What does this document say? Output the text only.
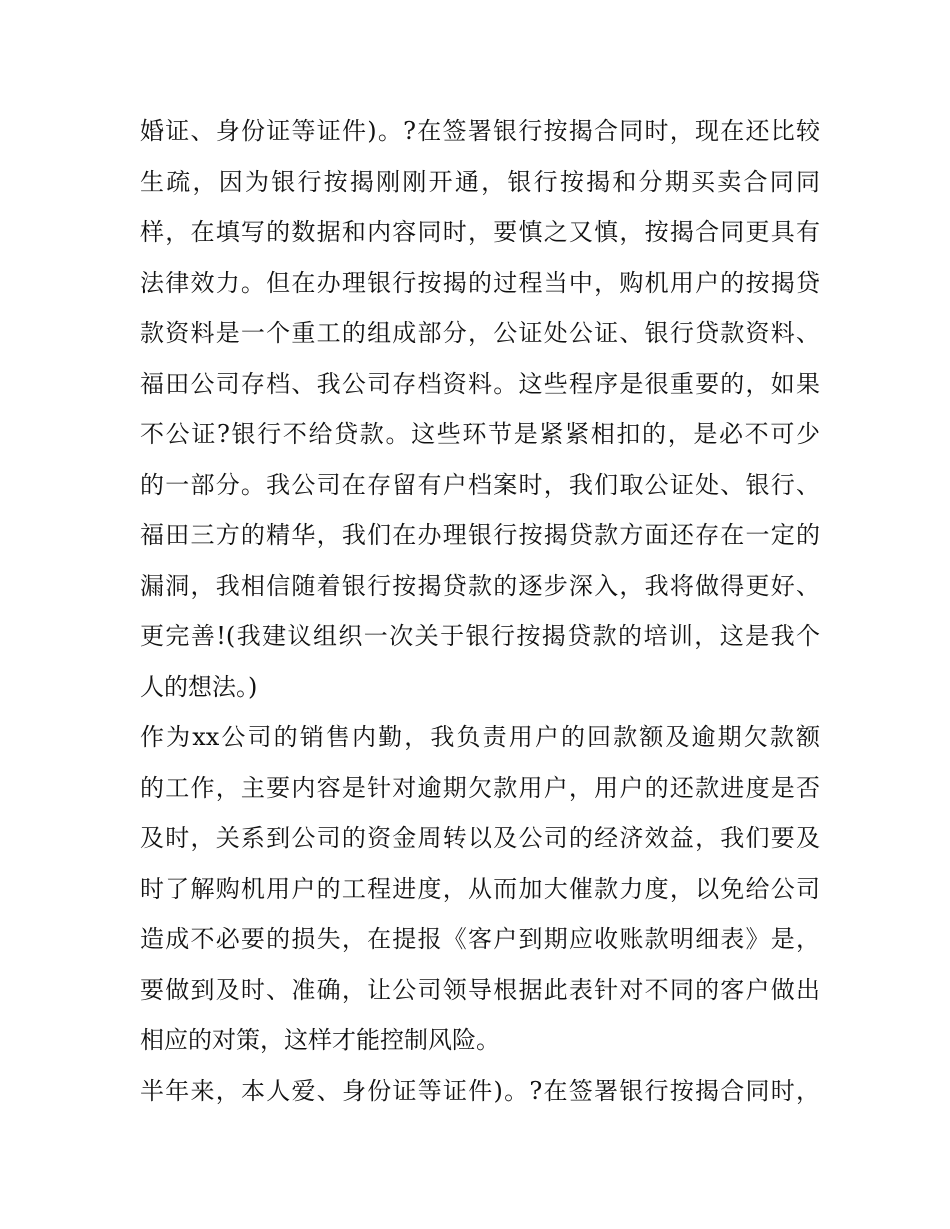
婚证、身份证等证件)。?在签署银行按揭合同时，现在还比较
生疏，因为银行按揭刚刚开通，银行按揭和分期买卖合同同
样，在填写的数据和内容同时，要慎之又慎，按揭合同更具有
法律效力。但在办理银行按揭的过程当中，购机用户的按揭贷
款资料是一个重工的组成部分，公证处公证、银行贷款资料、
福田公司存档、我公司存档资料。这些程序是很重要的，如果
不公证?银行不给贷款。这些环节是紧紧相扣的，是必不可少
的一部分。我公司在存留有户档案时，我们取公证处、银行、
福田三方的精华，我们在办理银行按揭贷款方面还存在一定的
漏洞，我相信随着银行按揭贷款的逐步深入，我将做得更好、
更完善!(我建议组织一次关于银行按揭贷款的培训，这是我个
人的想法。)
作为xx公司的销售内勤，我负责用户的回款额及逾期欠款额
的工作，主要内容是针对逾期欠款用户，用户的还款进度是否
及时，关系到公司的资金周转以及公司的经济效益，我们要及
时了解购机用户的工程进度，从而加大催款力度，以免给公司
造成不必要的损失，在提报《客户到期应收账款明细表》是，
要做到及时、准确，让公司领导根据此表针对不同的客户做出
相应的对策，这样才能控制风险。
半年来，本人爱、身份证等证件)。?在签署银行按揭合同时，
